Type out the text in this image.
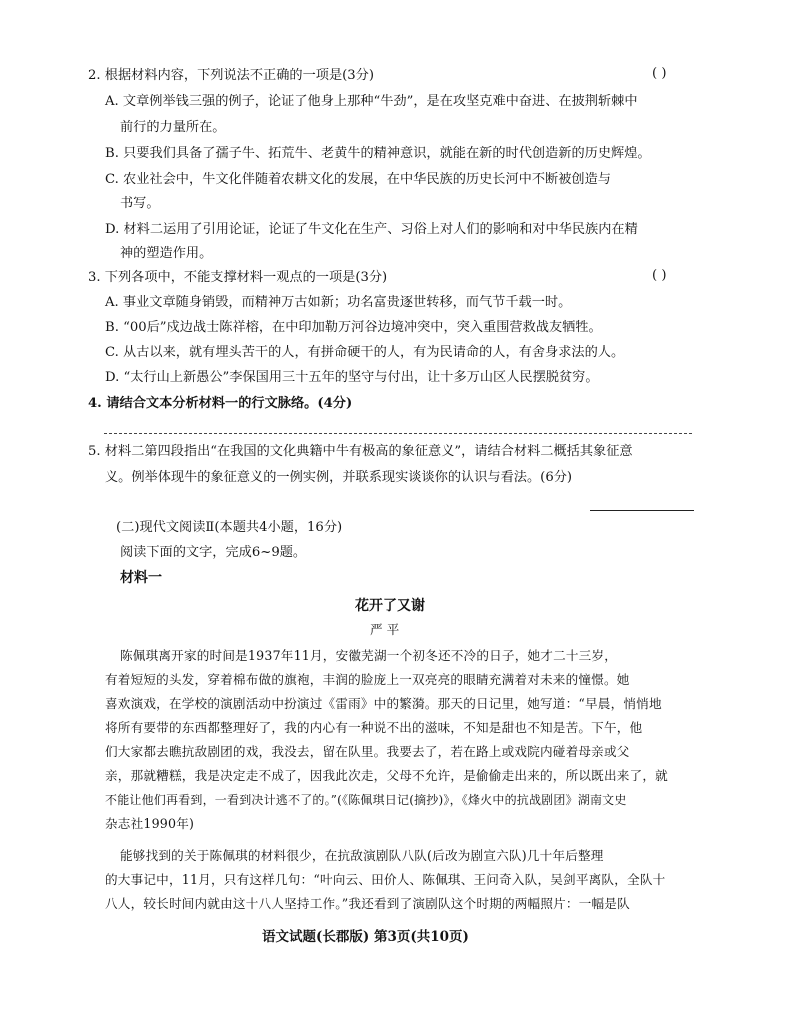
2. 根据材料内容，下列说法不正确的一项是(3分)	( )
A. 文章例举钱三强的例子，论证了他身上那种“牛劲”，是在攻坚克难中奋进、在披荆斩棘中
前行的力量所在。
B. 只要我们具备了孺子牛、拓荒牛、老黄牛的精神意识，就能在新的时代创造新的历史辉煌。
C. 农业社会中，牛文化伴随着农耕文化的发展，在中华民族的历史长河中不断被创造与
书写。
D. 材料二运用了引用论证，论证了牛文化在生产、习俗上对人们的影响和对中华民族内在精
神的塑造作用。
3. 下列各项中，不能支撑材料一观点的一项是(3分)	( )
A. 事业文章随身销毁，而精神万古如新；功名富贵逐世转移，而气节千载一时。
B. “00后”戍边战士陈祥榕，在中印加勒万河谷边境冲突中，突入重围营救战友牺牲。
C. 从古以来，就有埋头苦干的人，有拼命硬干的人，有为民请命的人，有舍身求法的人。
D. “太行山上新愚公”李保国用三十五年的坚守与付出，让十多万山区人民摆脱贫穷。
4. 请结合文本分析材料一的行文脉络。(4分)
5. 材料二第四段指出“在我国的文化典籍中牛有极高的象征意义”，请结合材料二概括其象征意
义。例举体现牛的象征意义的一例实例，并联系现实谈谈你的认识与看法。(6分)
(二)现代文阅读Ⅱ(本题共4小题，16分)
阅读下面的文字，完成6~9题。
材料一
花开了又谢
严 平
陈佩琪离开家的时间是1937年11月，安徽芜湖一个初冬还不冷的日子，她才二十三岁，
有着短短的头发，穿着棉布做的旗袍，丰润的脸庞上一双亮亮的眼睛充满着对未来的憧憬。她
喜欢演戏，在学校的演剧活动中扮演过《雷雨》中的繁漪。那天的日记里，她写道：“早晨，悄悄地
将所有要带的东西都整理好了，我的内心有一种说不出的滋味，不知是甜也不知是苦。下午，他
们大家都去瞧抗敌剧团的戏，我没去，留在队里。我要去了，若在路上或戏院内碰着母亲或父
亲，那就糟糕，我是决定走不成了，因我此次走，父母不允许，是偷偷走出来的，所以既出来了，就
不能让他们再看到，一看到决计逃不了的。”(《陈佩琪日记(摘抄)》，《烽火中的抗战剧团》湖南文史
杂志社1990年)
能够找到的关于陈佩琪的材料很少，在抗敌演剧队八队(后改为剧宣六队)几十年后整理
的大事记中，11月，只有这样几句：“叶向云、田价人、陈佩琪、王问奇入队，吴剑平离队，全队十
八人，较长时间内就由这十八人坚持工作。”我还看到了演剧队这个时期的两幅照片：一幅是队
语文试题(长郡版) 第3页(共10页)
